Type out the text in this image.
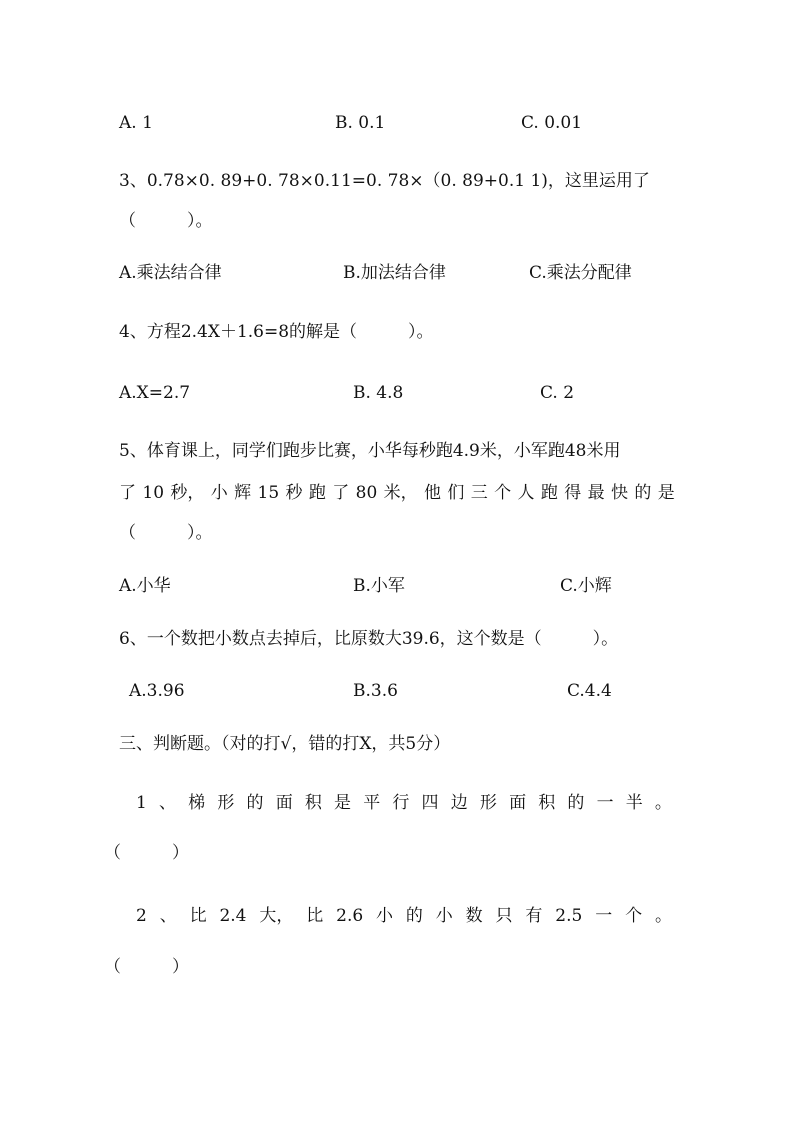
A. 1	B. 0.1	C. 0.01
3、0.78×0. 89+0. 78×0.11=0. 78×（0. 89+0.1 1)，这里运用了
（　　　）。
A.乘法结合律	B.加法结合律	C.乘法分配律
4、方程2.4X＋1.6=8的解是（　　　）。
A.X=2.7	B. 4.8	C. 2
5、体育课上，同学们跑步比赛，小华每秒跑4.9米，小军跑48米用
了 10 秒， 小 辉 15 秒 跑 了 80 米， 他 们 三 个 人 跑 得 最 快 的 是
（　　　）。
A.小华	B.小军	C.小辉
6、一个数把小数点去掉后，比原数大39.6，这个数是（　　　）。
A.3.96	B.3.6	C.4.4
三、判断题。（对的打√，错的打X，共5分）
1 、 梯 形 的 面 积 是 平 行 四 边 形 面 积 的 一 半 。
（　　　）
2 、 比 2.4 大， 比 2.6 小 的 小 数 只 有 2.5 一 个 。
（　　　）
